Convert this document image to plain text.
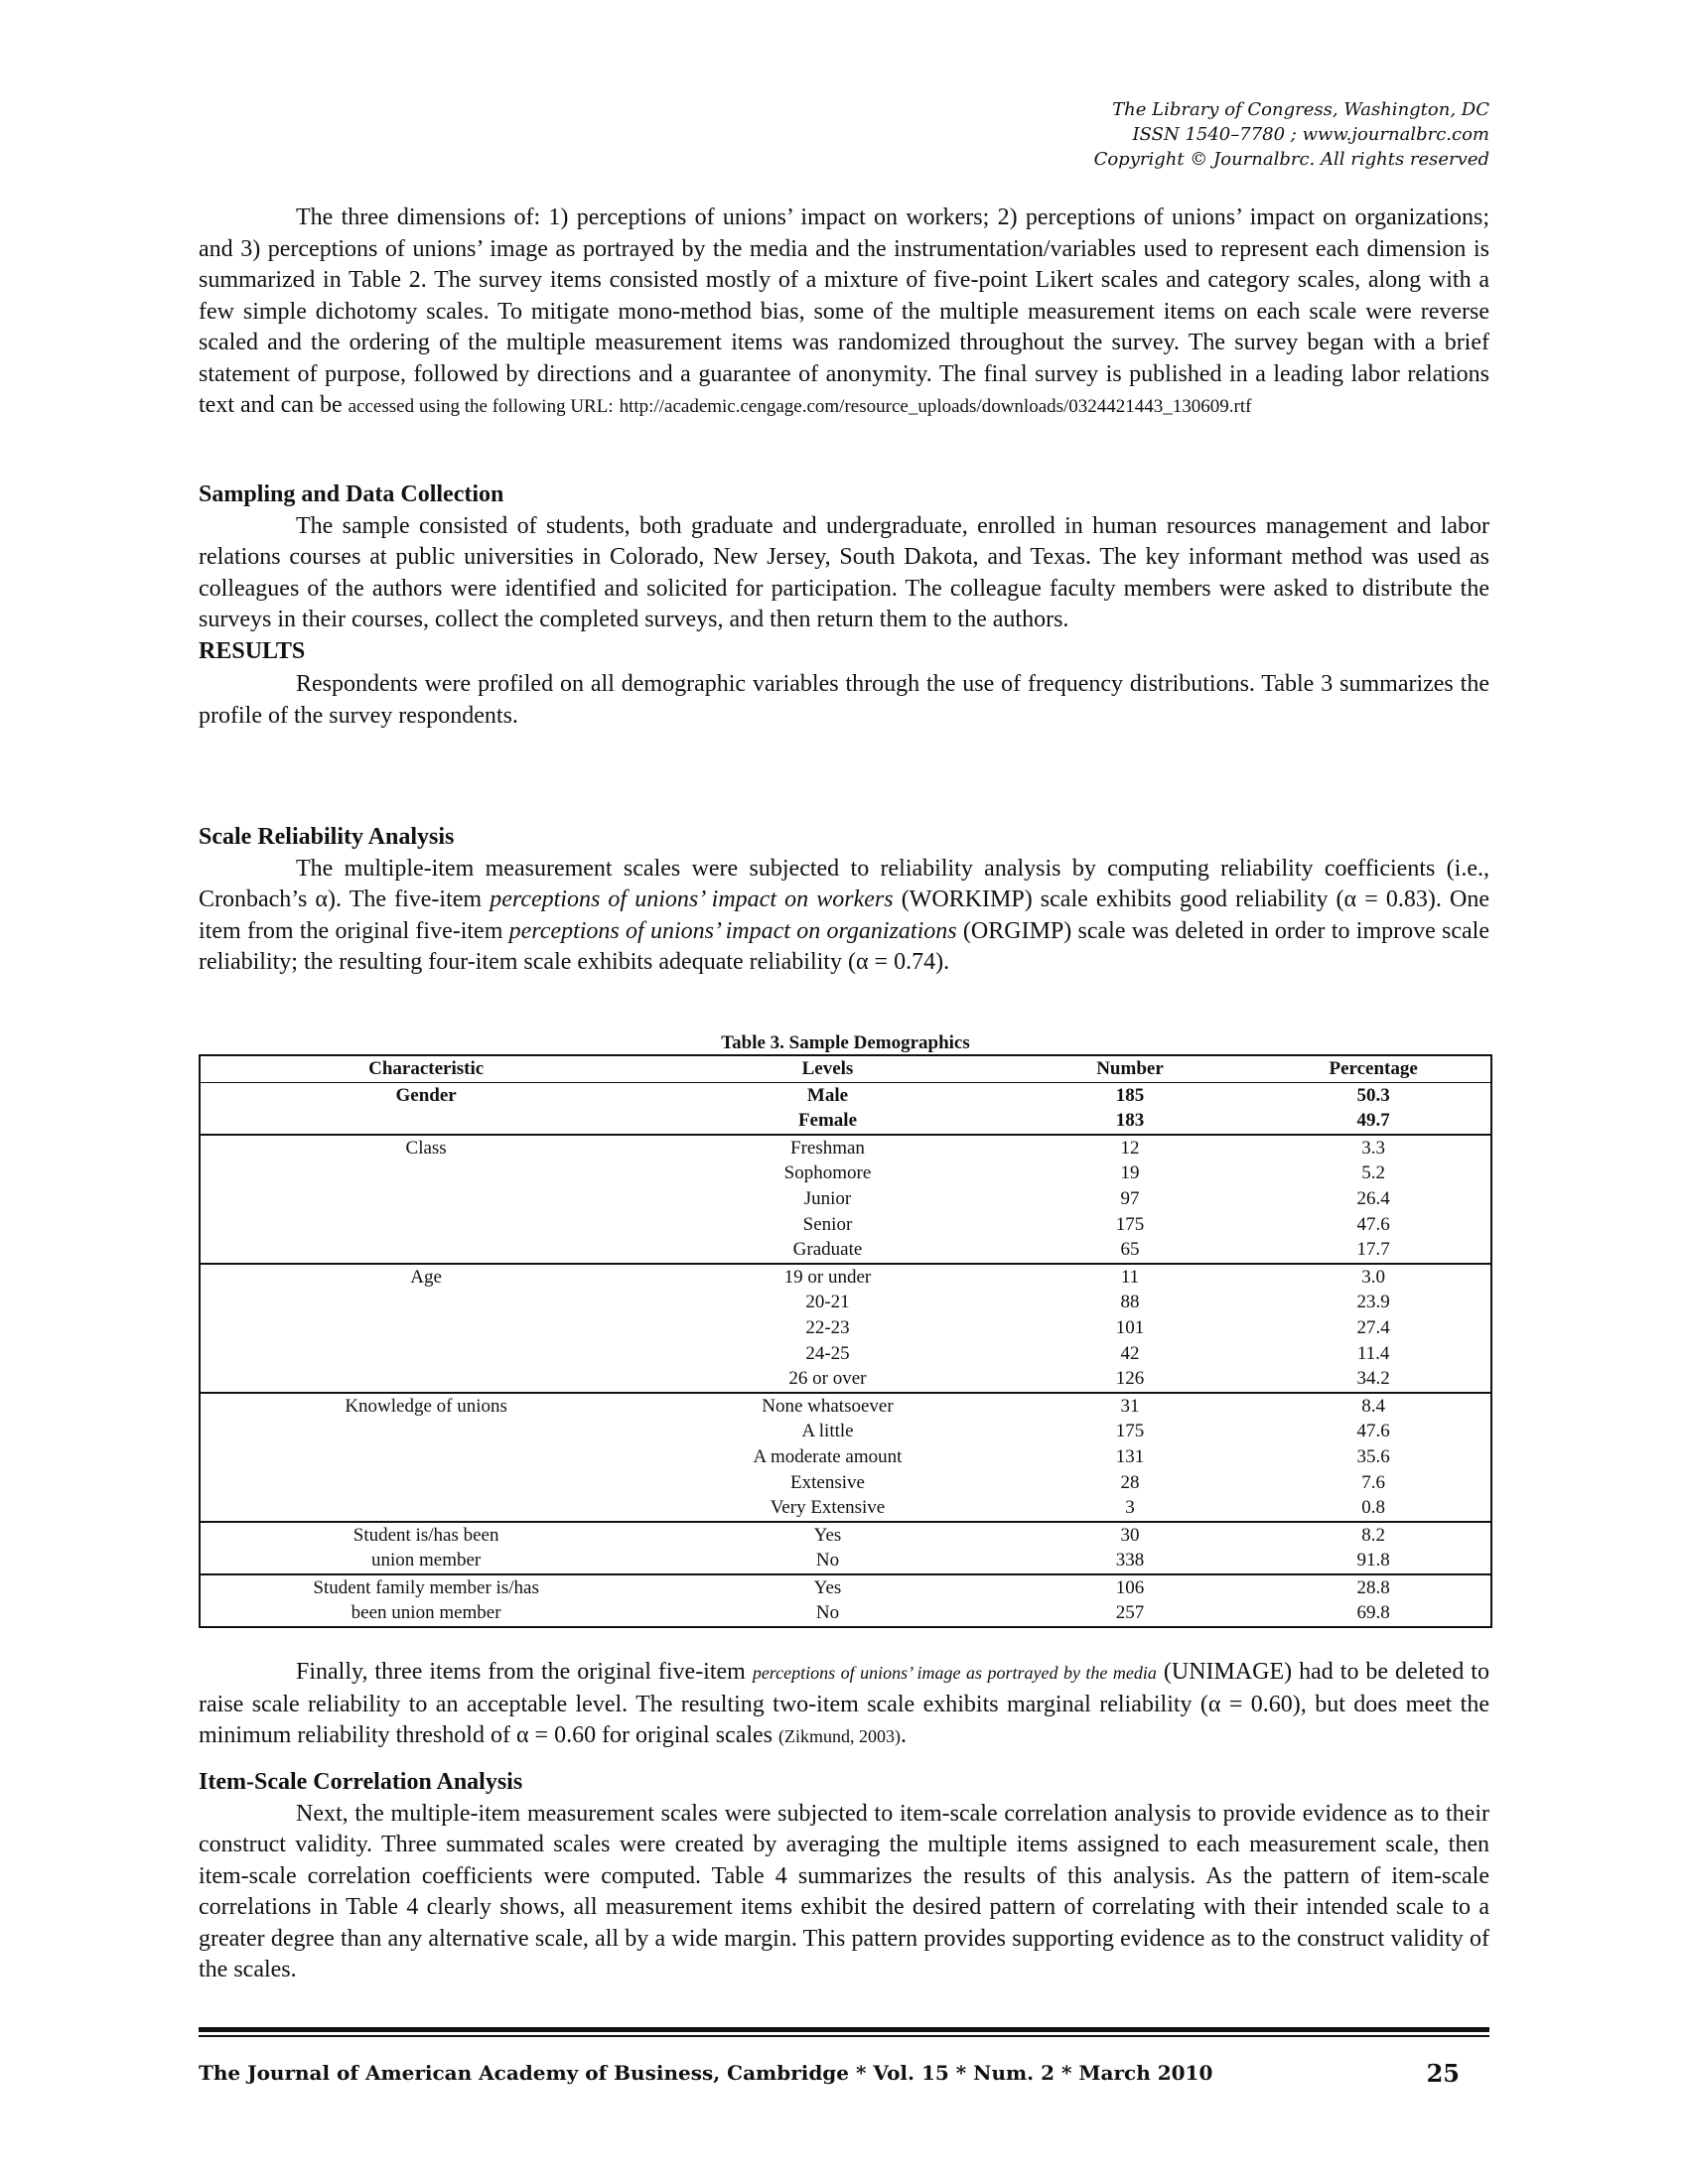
The Library of Congress, Washington, DC
ISSN 1540–7780 ; www.journalbrc.com
Copyright © Journalbrc. All rights reserved

The three dimensions of: 1) perceptions of unions’ impact on workers; 2) perceptions of unions’ impact on organizations; and 3) perceptions of unions’ image as portrayed by the media and the instrumentation/variables used to represent each dimension is summarized in Table 2. The survey items consisted mostly of a mixture of five-point Likert scales and category scales, along with a few simple dichotomy scales. To mitigate mono-method bias, some of the multiple measurement items on each scale were reverse scaled and the ordering of the multiple measurement items was randomized throughout the survey. The survey began with a brief statement of purpose, followed by directions and a guarantee of anonymity. The final survey is published in a leading labor relations text and can be accessed using the following URL: http://academic.cengage.com/resource_uploads/downloads/0324421443_130609.rtf

Sampling and Data Collection

The sample consisted of students, both graduate and undergraduate, enrolled in human resources management and labor relations courses at public universities in Colorado, New Jersey, South Dakota, and Texas. The key informant method was used as colleagues of the authors were identified and solicited for participation. The colleague faculty members were asked to distribute the surveys in their courses, collect the completed surveys, and then return them to the authors.

RESULTS

Respondents were profiled on all demographic variables through the use of frequency distributions. Table 3 summarizes the profile of the survey respondents.

Scale Reliability Analysis

The multiple-item measurement scales were subjected to reliability analysis by computing reliability coefficients (i.e., Cronbach’s α). The five-item perceptions of unions’ impact on workers (WORKIMP) scale exhibits good reliability (α = 0.83). One item from the original five-item perceptions of unions’ impact on organizations (ORGIMP) scale was deleted in order to improve scale reliability; the resulting four-item scale exhibits adequate reliability (α = 0.74).

Table 3. Sample Demographics
Characteristic	Levels	Number	Percentage
Gender	Male	185	50.3
	Female	183	49.7
Class	Freshman	12	3.3
	Sophomore	19	5.2
	Junior	97	26.4
	Senior	175	47.6
	Graduate	65	17.7
Age	19 or under	11	3.0
	20-21	88	23.9
	22-23	101	27.4
	24-25	42	11.4
	26 or over	126	34.2
Knowledge of unions	None whatsoever	31	8.4
	A little	175	47.6
	A moderate amount	131	35.6
	Extensive	28	7.6
	Very Extensive	3	0.8
Student is/has been	Yes	30	8.2
union member	No	338	91.8
Student family member is/has	Yes	106	28.8
been union member	No	257	69.8

Finally, three items from the original five-item perceptions of unions’ image as portrayed by the media (UNIMAGE) had to be deleted to raise scale reliability to an acceptable level. The resulting two-item scale exhibits marginal reliability (α = 0.60), but does meet the minimum reliability threshold of α = 0.60 for original scales (Zikmund, 2003).

Item-Scale Correlation Analysis

Next, the multiple-item measurement scales were subjected to item-scale correlation analysis to provide evidence as to their construct validity. Three summated scales were created by averaging the multiple items assigned to each measurement scale, then item-scale correlation coefficients were computed. Table 4 summarizes the results of this analysis. As the pattern of item-scale correlations in Table 4 clearly shows, all measurement items exhibit the desired pattern of correlating with their intended scale to a greater degree than any alternative scale, all by a wide margin. This pattern provides supporting evidence as to the construct validity of the scales.

The Journal of American Academy of Business, Cambridge * Vol. 15 * Num. 2 * March 2010	25
